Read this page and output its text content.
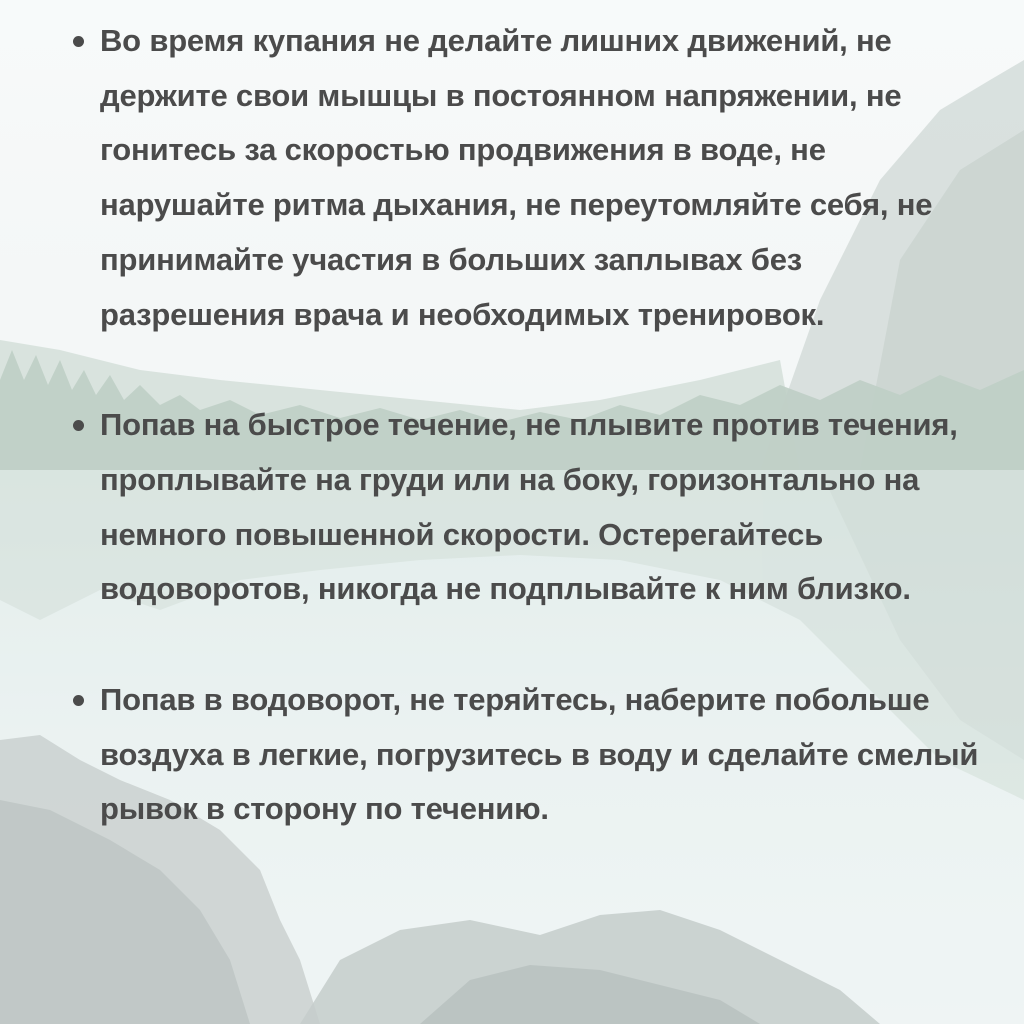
Во время купания не делайте лишних движений, не держите свои мышцы в постоянном напряжении, не гонитесь за скоростью продвижения в воде, не нарушайте ритма дыхания, не переутомляйте себя, не принимайте участия в больших заплывах без разрешения врача и необходимых тренировок.
Попав на быстрое течение, не плывите против течения, проплывайте на груди или на боку, горизонтально на немного повышенной скорости. Остерегайтесь водоворотов, никогда не подплывайте к ним близко.
Попав в водоворот, не теряйтесь, наберите побольше воздуха в легкие, погрузитесь в воду и сделайте смелый рывок в сторону по течению.
